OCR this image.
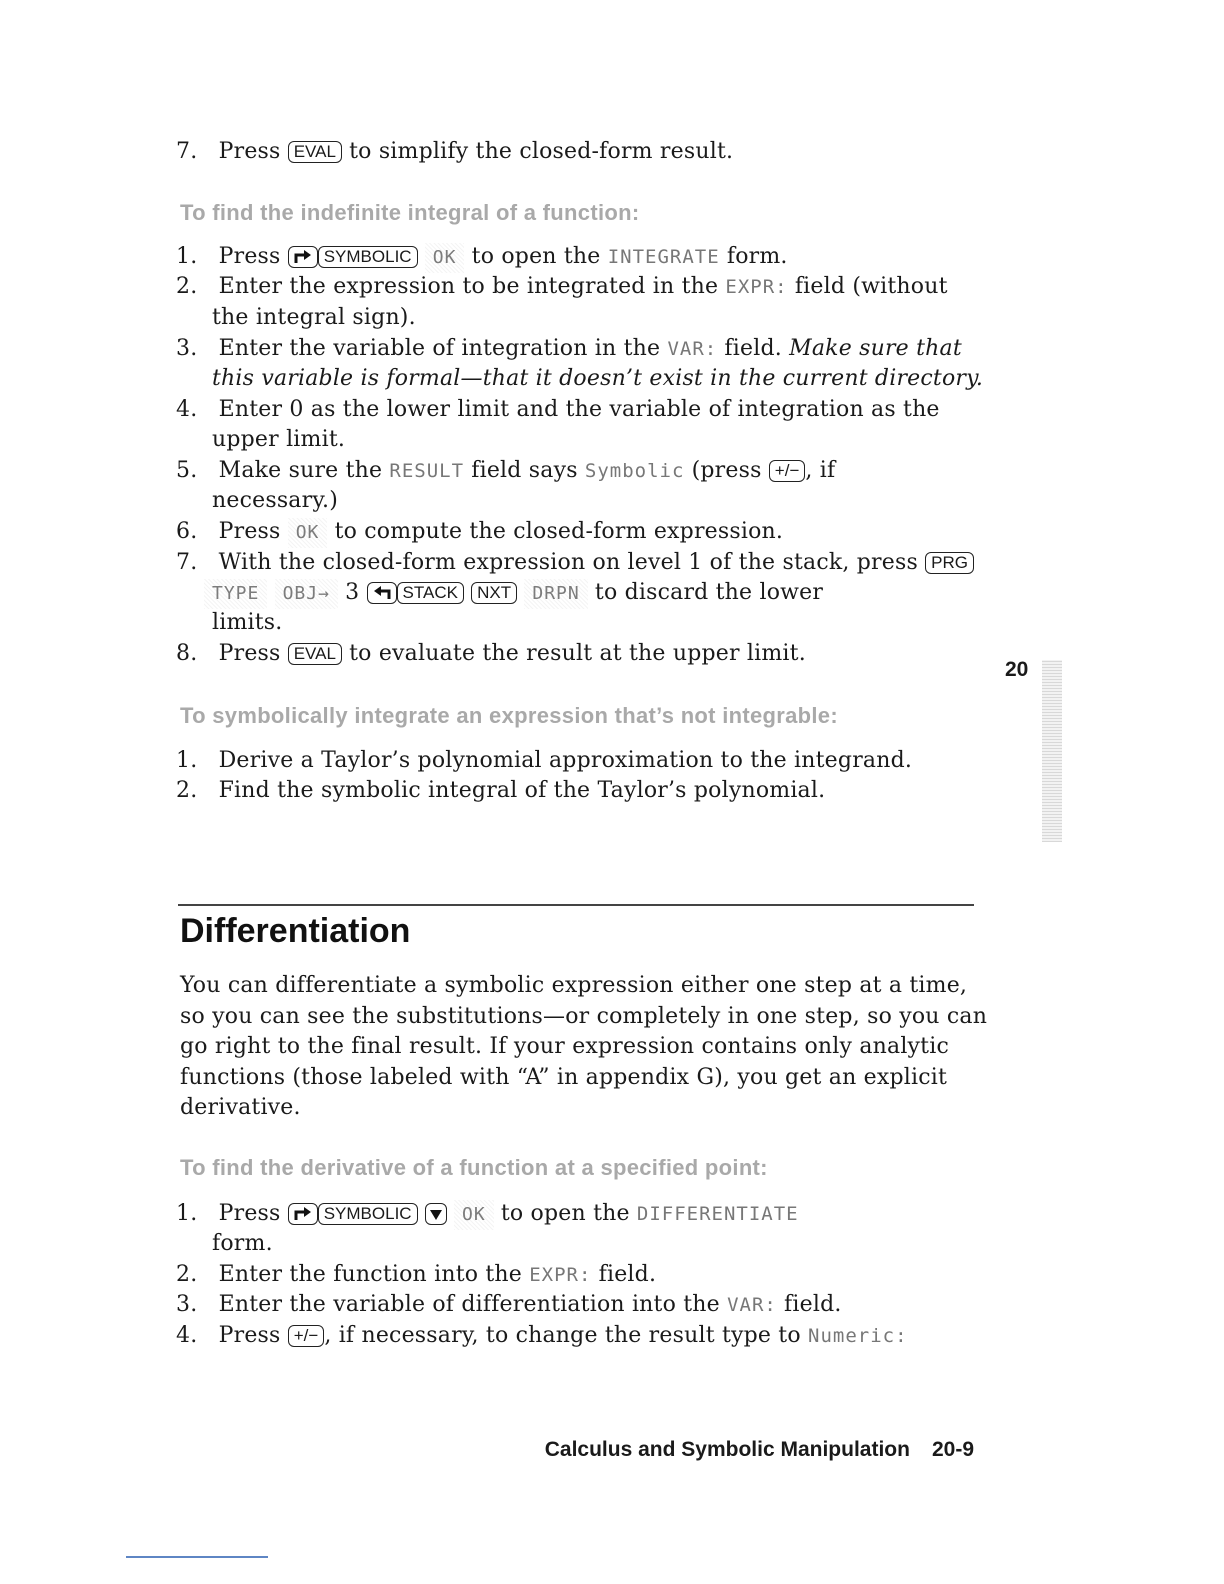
7. Press EVAL to simplify the closed-form result.
To find the indefinite integral of a function:
1. Press	SYMBOLIC OK to open the INTEGRATE form.
2. Enter the expression to be integrated in the EXPR: field (without
the integral sign).
3. Enter the variable of integration in the VAR: field. Make sure that
this variable is formal—that it doesn’t exist in the current directory.
4. Enter 0 as the lower limit and the variable of integration as the
upper limit.
5. Make sure the RESULT field says Symbolic (press +/− , if
necessary.)
6. Press OK to compute the closed-form expression.
7. With the closed-form expression on level 1 of the stack, press PRG
TYPE OBJ→ 3	STACK NXT DRPN to discard the lower
limits.
8. Press EVAL to evaluate the result at the upper limit.
20
To symbolically integrate an expression that’s not integrable:
1. Derive a Taylor’s polynomial approximation to the integrand.
2. Find the symbolic integral of the Taylor’s polynomial.
Differentiation
You can differentiate a symbolic expression either one step at a time,
so you can see the substitutions—or completely in one step, so you can
go right to the final result. If your expression contains only analytic
functions (those labeled with “A” in appendix G), you get an explicit
derivative.
To find the derivative of a function at a specified point:
1. Press	SYMBOLIC	OK to open the DIFFERENTIATE
form.
2. Enter the function into the EXPR: field.
3. Enter the variable of differentiation into the VAR: field.
4. Press +/− , if necessary, to change the result type to Numeric:
Calculus and Symbolic Manipulation 20-9
